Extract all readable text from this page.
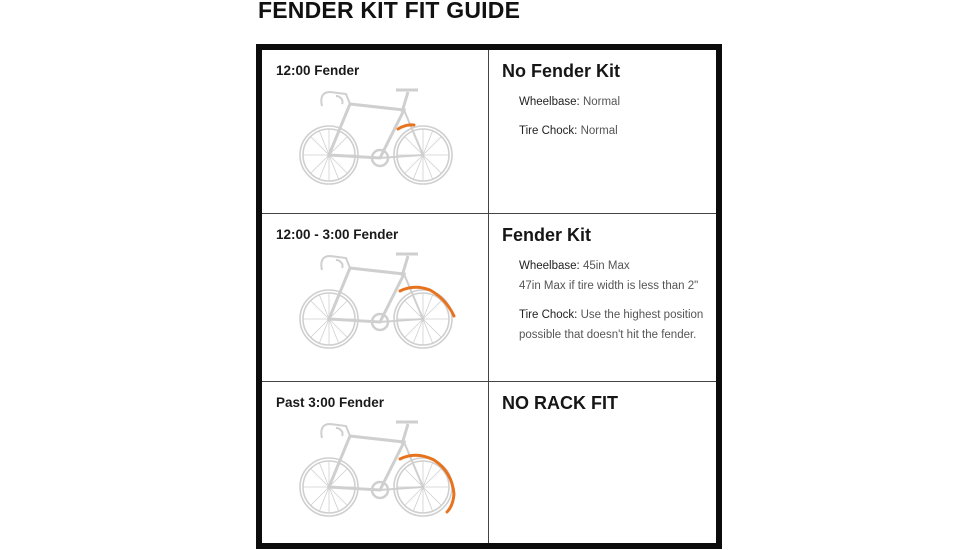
FENDER KIT FIT GUIDE
12:00 Fender	No Fender Kit

Wheelbase: Normal

Tire Chock: Normal

12:00 - 3:00 Fender	Fender Kit

Wheelbase: 45in Max
47in Max if tire width is less than 2"

Tire Chock: Use the highest position possible that doesn't hit the fender.

Past 3:00 Fender	NO RACK FIT
